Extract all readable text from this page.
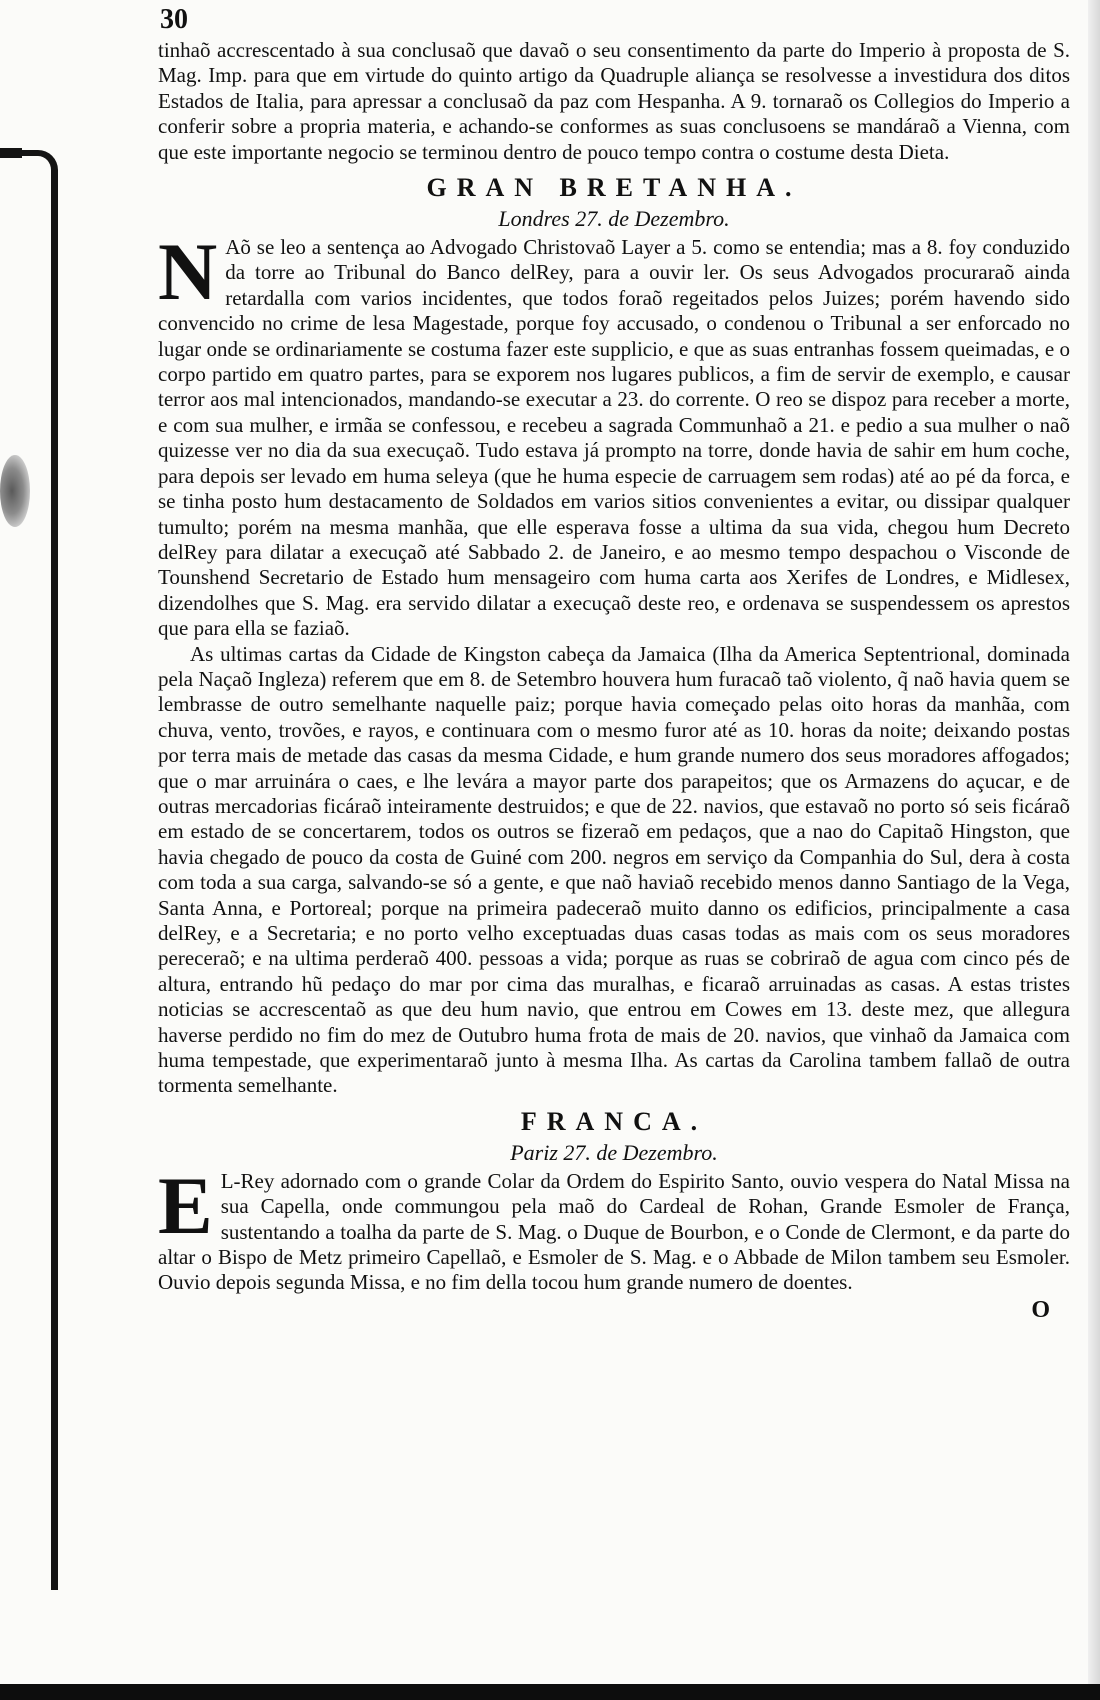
30

tinhaõ accrescentado à sua conclusaõ que davaõ o seu consentimento da parte do Imperio à proposta de S. Mag. Imp. para que em virtude do quinto artigo da Quadruple aliança se resolvesse a investidura dos ditos Estados de Italia, para apressar a conclusaõ da paz com Hespanha. A 9. tornaraõ os Collegios do Imperio a conferir sobre a propria materia, e achando-se conformes as suas conclusoens se mandáraõ a Vienna, com que este importante negocio se terminou dentro de pouco tempo contra o costume desta Dieta.

GRAN BRETANHA.
Londres 27. de Dezembro.

N Aõ se leo a sentença ao Advogado Christovaõ Layer a 5. como se entendia; mas a 8. foy conduzido da torre ao Tribunal do Banco delRey, para a ouvir ler. Os seus Advogados procuraraõ ainda retardalla com varios incidentes, que todos foraõ regeitados pelos Juizes; porém havendo sido convencido no crime de lesa Magestade, porque foy accusado, o condenou o Tribunal a ser enforcado no lugar onde se ordinariamente se costuma fazer este supplicio, e que as suas entranhas fossem queimadas, e o corpo partido em quatro partes, para se exporem nos lugares publicos, a fim de servir de exemplo, e causar terror aos mal intencionados, mandando-se executar a 23. do corrente. O reo se dispoz para receber a morte, e com sua mulher, e irmãa se confessou, e recebeu a sagrada Communhaõ a 21. e pedio a sua mulher o naõ quizesse ver no dia da sua execuçaõ. Tudo estava já prompto na torre, donde havia de sahir em hum coche, para depois ser levado em huma seleya (que he huma especie de carruagem sem rodas) até ao pé da forca, e se tinha posto hum destacamento de Soldados em varios sitios convenientes a evitar, ou dissipar qualquer tumulto; porém na mesma manhãa, que elle esperava fosse a ultima da sua vida, chegou hum Decreto delRey para dilatar a execuçaõ até Sabbado 2. de Janeiro, e ao mesmo tempo despachou o Visconde de Tounshend Secretario de Estado hum mensageiro com huma carta aos Xerifes de Londres, e Midlesex, dizendolhes que S. Mag. era servido dilatar a execuçaõ deste reo, e ordenava se suspendessem os aprestos que para ella se faziaõ.

As ultimas cartas da Cidade de Kingston cabeça da Jamaica (Ilha da America Septentrional, dominada pela Naçaõ Ingleza) referem que em 8. de Setembro houvera hum furacaõ taõ violento, q̃ naõ havia quem se lembrasse de outro semelhante naquelle paiz; porque havia começado pelas oito horas da manhãa, com chuva, vento, trovões, e rayos, e continuara com o mesmo furor até as 10. horas da noite; deixando postas por terra mais de metade das casas da mesma Cidade, e hum grande numero dos seus moradores affogados; que o mar arruinára o caes, e lhe levára a mayor parte dos parapeitos; que os Armazens do açucar, e de outras mercadorias ficáraõ inteiramente destruidos; e que de 22. navios, que estavaõ no porto só seis ficáraõ em estado de se concertarem, todos os outros se fizeraõ em pedaços, que a nao do Capitaõ Hingston, que havia chegado de pouco da costa de Guiné com 200. negros em serviço da Companhia do Sul, dera à costa com toda a sua carga, salvando-se só a gente, e que naõ haviaõ recebido menos danno Santiago de la Vega, Santa Anna, e Portoreal; porque na primeira padeceraõ muito danno os edificios, principalmente a casa delRey, e a Secretaria; e no porto velho exceptuadas duas casas todas as mais com os seus moradores pereceraõ; e na ultima perderaõ 400. pessoas a vida; porque as ruas se cobriraõ de agua com cinco pés de altura, entrando hũ pedaço do mar por cima das muralhas, e ficaraõ arruinadas as casas. A estas tristes noticias se accrescentaõ as que deu hum navio, que entrou em Cowes em 13. deste mez, que allegura haverse perdido no fim do mez de Outubro huma frota de mais de 20. navios, que vinhaõ da Jamaica com huma tempestade, que experimentaraõ junto à mesma Ilha. As cartas da Carolina tambem fallaõ de outra tormenta semelhante.

FRANCA.
Pariz 27. de Dezembro.

E L-Rey adornado com o grande Colar da Ordem do Espirito Santo, ouvio vespera do Natal Missa na sua Capella, onde commungou pela maõ do Cardeal de Rohan, Grande Esmoler de França, sustentando a toalha da parte de S. Mag. o Duque de Bourbon, e o Conde de Clermont, e da parte do altar o Bispo de Metz primeiro Capellaõ, e Esmoler de S. Mag. e o Abbade de Milon tambem seu Esmoler. Ouvio depois segunda Missa, e no fim della tocou hum grande numero de doentes.

O
